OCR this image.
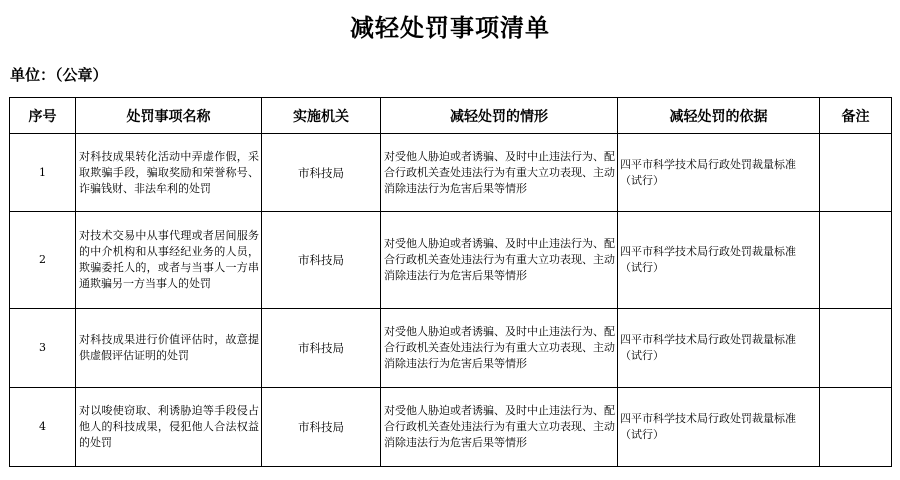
减轻处罚事项清单
单位：（公章）
序号	处罚事项名称	实施机关	减轻处罚的情形	减轻处罚的依据	备注
1	对科技成果转化活动中弄虚作假，采取欺骗手段，骗取奖励和荣誉称号、诈骗钱财、非法牟利的处罚	市科技局	对受他人胁迫或者诱骗、及时中止违法行为、配合行政机关查处违法行为有重大立功表现、主动消除违法行为危害后果等情形	四平市科学技术局行政处罚裁量标准（试行）	
2	对技术交易中从事代理或者居间服务的中介机构和从事经纪业务的人员，欺骗委托人的，或者与当事人一方串通欺骗另一方当事人的处罚	市科技局	对受他人胁迫或者诱骗、及时中止违法行为、配合行政机关查处违法行为有重大立功表现、主动消除违法行为危害后果等情形	四平市科学技术局行政处罚裁量标准（试行）	
3	对科技成果进行价值评估时，故意提供虚假评估证明的处罚	市科技局	对受他人胁迫或者诱骗、及时中止违法行为、配合行政机关查处违法行为有重大立功表现、主动消除违法行为危害后果等情形	四平市科学技术局行政处罚裁量标准（试行）	
4	对以唆使窃取、利诱胁迫等手段侵占他人的科技成果，侵犯他人合法权益的处罚	市科技局	对受他人胁迫或者诱骗、及时中止违法行为、配合行政机关查处违法行为有重大立功表现、主动消除违法行为危害后果等情形	四平市科学技术局行政处罚裁量标准（试行）	
